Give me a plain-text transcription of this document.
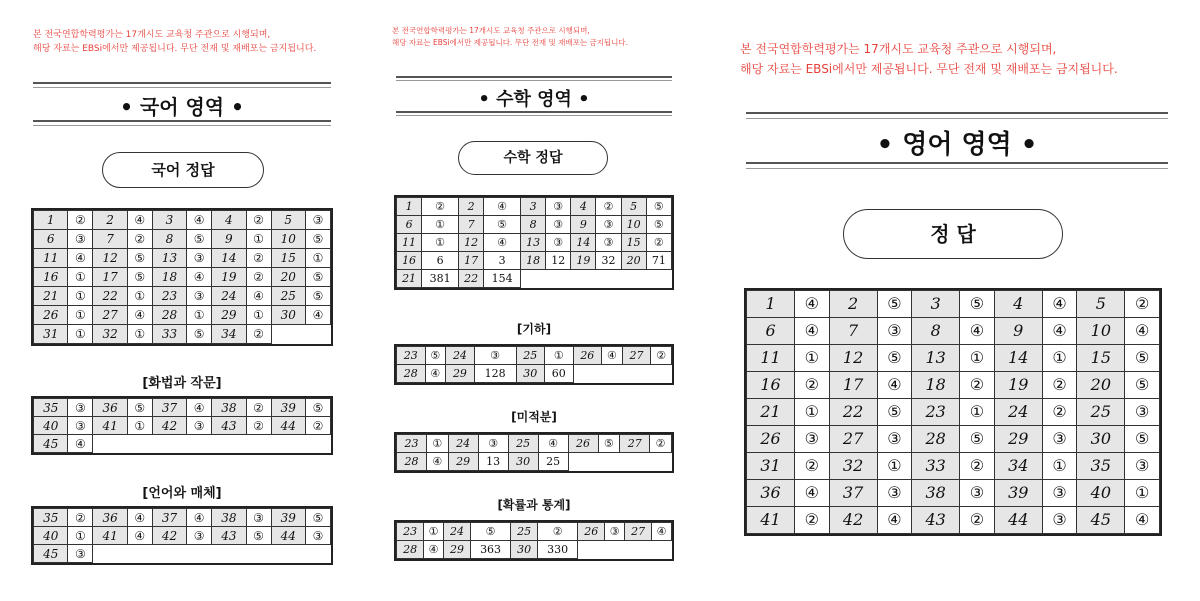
본 전국연합학력평가는 17개시도 교육청 주관으로 시행되며,
해당 자료는 EBSi에서만 제공됩니다. 무단 전재 및 재배포는 금지됩니다.
• 국어 영역 •
국어 정답
1	②	2	④	3	④	4	②	5	③
6	③	7	②	8	⑤	9	①	10	⑤
11	④	12	⑤	13	③	14	②	15	①
16	①	17	⑤	18	④	19	②	20	⑤
21	①	22	①	23	③	24	④	25	⑤
26	①	27	④	28	①	29	①	30	④
31	①	32	①	33	⑤	34	②		
[화법과 작문]
35	③	36	⑤	37	④	38	②	39	⑤
40	③	41	①	42	③	43	②	44	②
45	④								
[언어와 매체]
35	②	36	④	37	④	38	③	39	⑤
40	①	41	④	42	③	43	⑤	44	③
45	③								
본 전국연합학력평가는 17개시도 교육청 주관으로 시행되며,
해당 자료는 EBSi에서만 제공됩니다. 무단 전재 및 재배포는 금지됩니다.
• 수학 영역 •
수학 정답
1	②	2	④	3	③	4	②	5	⑤
6	①	7	⑤	8	③	9	③	10	⑤
11	①	12	④	13	③	14	③	15	②
16	6	17	3	18	12	19	32	20	71
21	381	22	154						
[기하]
23	⑤	24	③	25	①	26	④	27	②
28	④	29	128	30	60				
[미적분]
23	①	24	③	25	④	26	⑤	27	②
28	④	29	13	30	25				
[확률과 통계]
23	①	24	⑤	25	②	26	③	27	④
28	④	29	363	30	330				
본 전국연합학력평가는 17개시도 교육청 주관으로 시행되며,
해당 자료는 EBSi에서만 제공됩니다. 무단 전재 및 재배포는 금지됩니다.
• 영어 영역 •
정 답
1	④	2	⑤	3	⑤	4	④	5	②
6	④	7	③	8	④	9	④	10	④
11	①	12	⑤	13	①	14	①	15	⑤
16	②	17	④	18	②	19	②	20	⑤
21	①	22	⑤	23	①	24	②	25	③
26	③	27	③	28	⑤	29	③	30	⑤
31	②	32	①	33	②	34	①	35	③
36	④	37	③	38	③	39	③	40	①
41	②	42	④	43	②	44	③	45	④
